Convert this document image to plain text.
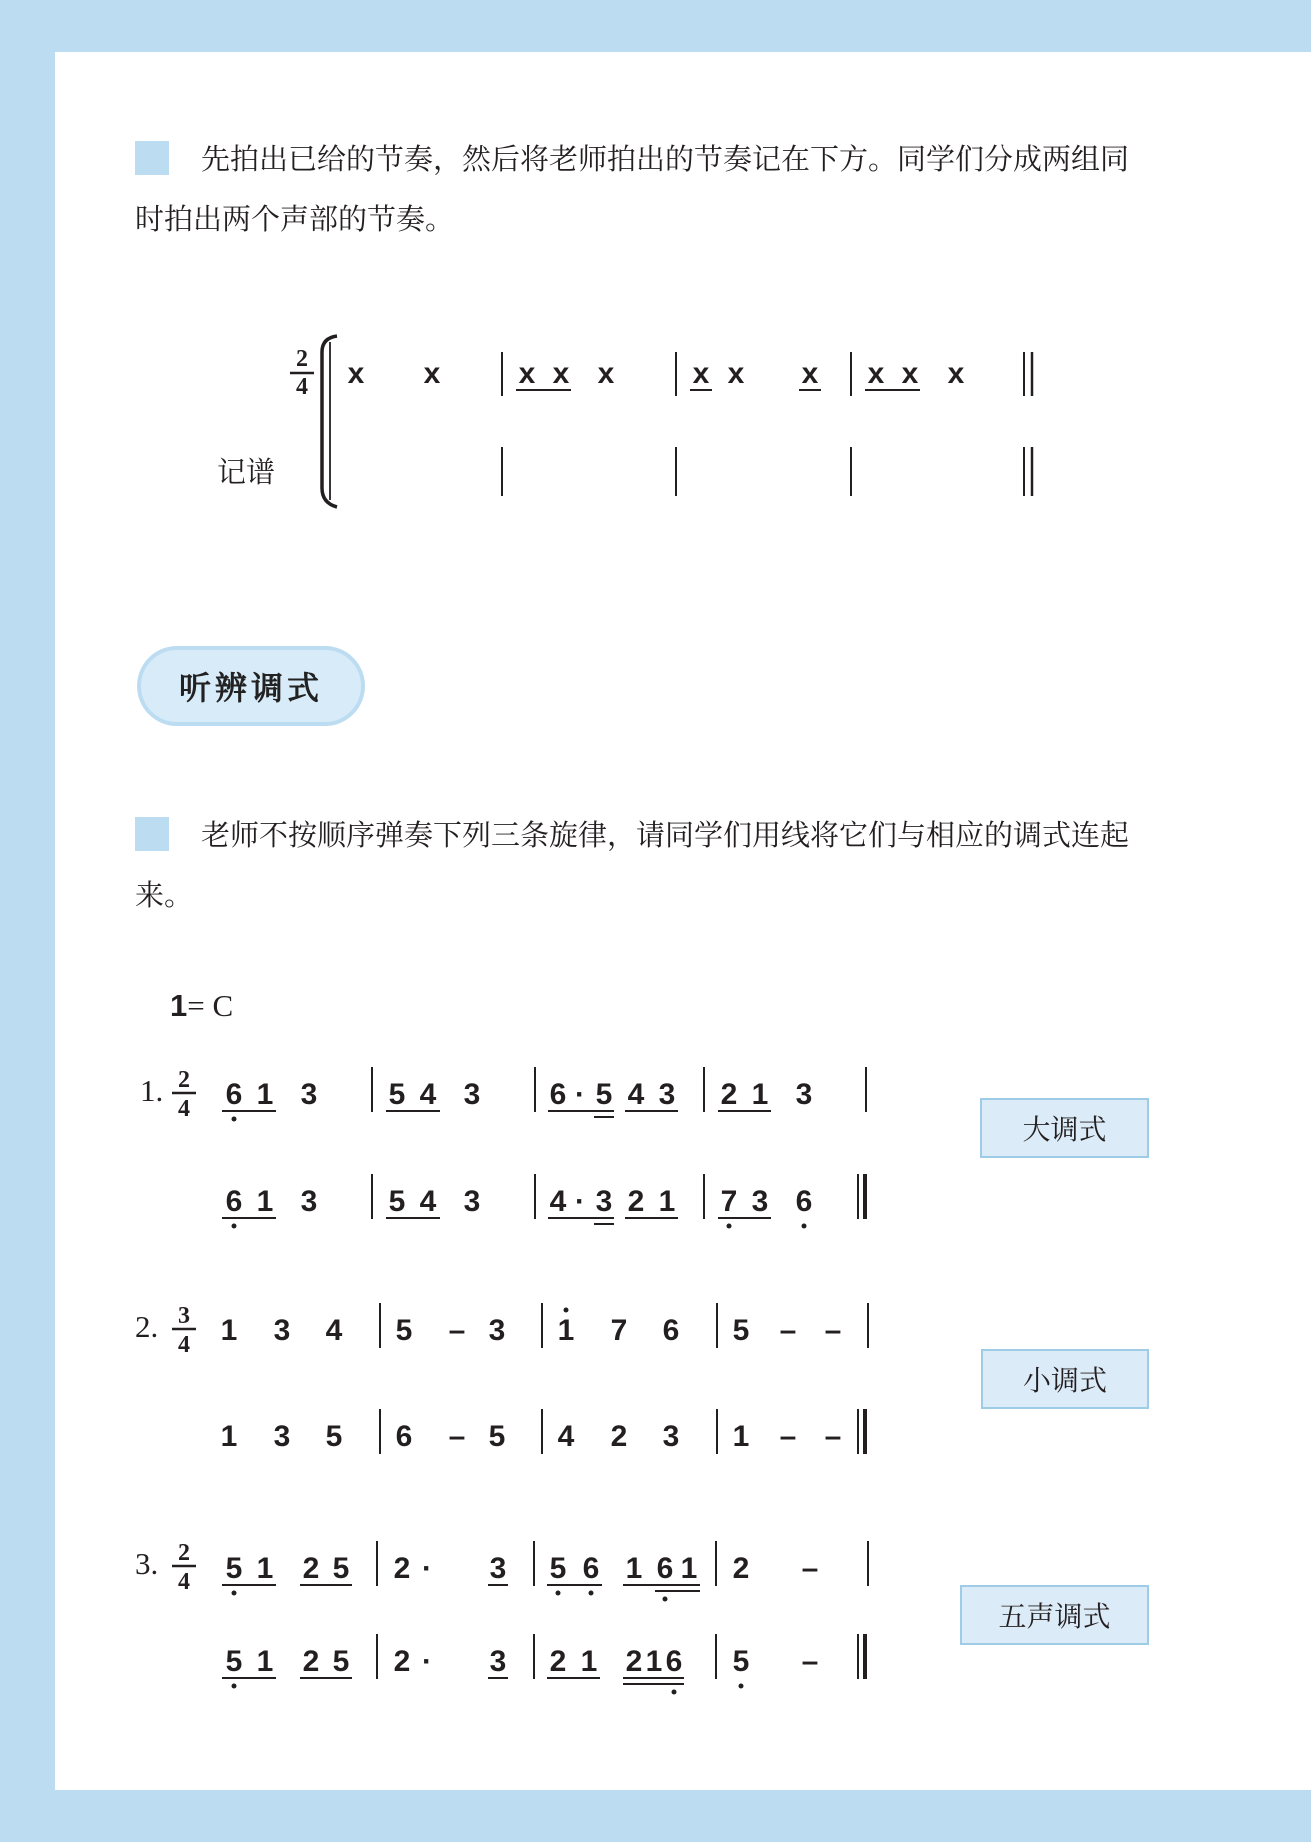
先拍出已给的节奏，然后将老师拍出的节奏记在下方。同学们分成两组同时拍出两个声部的节奏。
2
4 x x	x x x	x x x x x x
记谱
听辨调式
老师不按顺序弹奏下列三条旋律，请同学们用线将它们与相应的调式连起来。
1= C
1. 2
4 6 1 3 5 4 3 6 · 5 4 3 2 1 3
6 1 3 5 4 3 4 · 3 2 1 7 3 6
2. 3
4 1 3 4 5 – 3 1 7 6 5 – –
1 3 5 6 – 5 4 2 3 1 – –
3. 2
4 5 1 2 5 2 · 3 5 6 1 6 1 2 –
5 1 2 5 2 · 3 2 1 2 1 6 5 –
大调式
小调式
五声调式
